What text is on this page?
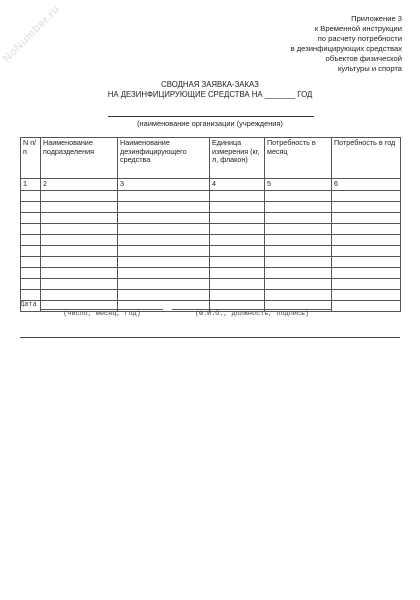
NoNumber.ru	Приложение 3
к Временной инструкции
по расчету потребности
в дезинфицирующих средствах
объектов физической
культуры и спорта
СВОДНАЯ ЗАЯВКА-ЗАКАЗ
НА ДЕЗИНФИЦИРУЮЩИЕ СРЕДСТВА НА _______ ГОД
(наименование организации (учреждения)
N п/п	Наименование подразделения	Наименование дезинфицирующего средства	Единица измерения (кг, л, флакон)	Потребность в месяц	Потребность в год
1	2	3	4	5	6

Дата
(число, месяц, год)	(Ф.И.О., должность, подпись)
